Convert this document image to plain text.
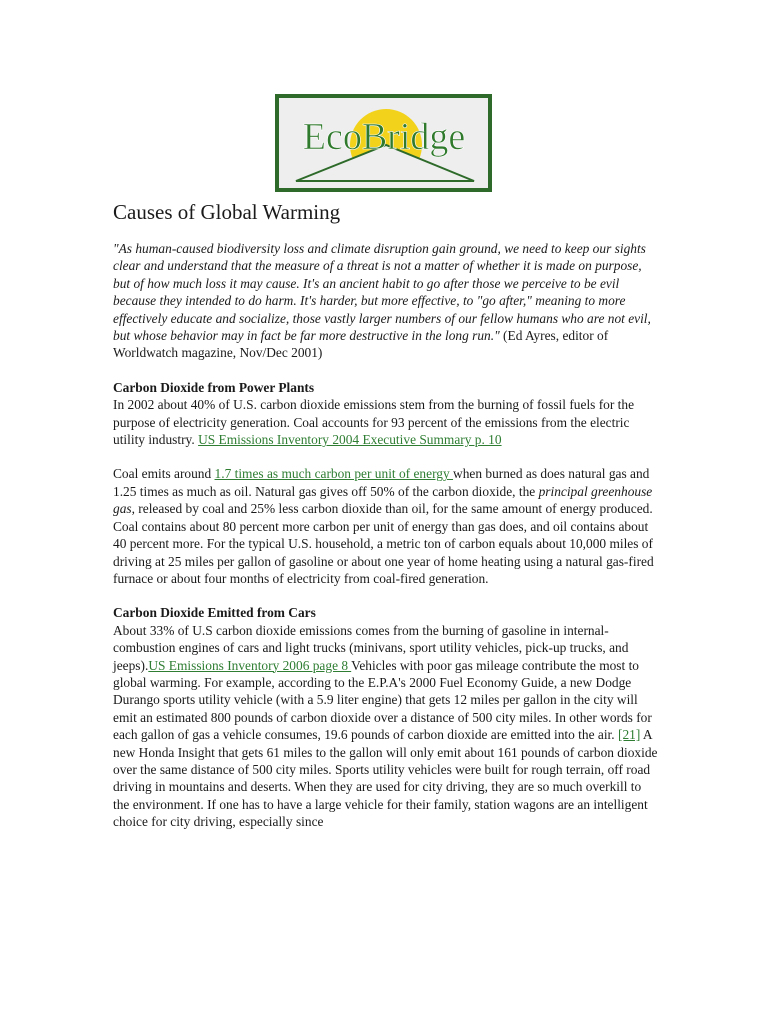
EcoBridge
Causes of Global Warming

"As human-caused biodiversity loss and climate disruption gain ground, we need to keep our sights clear and understand that the measure of a threat is not a matter of whether it is made on purpose, but of how much loss it may cause. It's an ancient habit to go after those we perceive to be evil because they intended to do harm. It's harder, but more effective, to "go after," meaning to more effectively educate and socialize, those vastly larger numbers of our fellow humans who are not evil, but whose behavior may in fact be far more destructive in the long run." (Ed Ayres, editor of Worldwatch magazine, Nov/Dec 2001)

Carbon Dioxide from Power Plants
In 2002 about 40% of U.S. carbon dioxide emissions stem from the burning of fossil fuels for the purpose of electricity generation. Coal accounts for 93 percent of the emissions from the electric utility industry. US Emissions Inventory 2004 Executive Summary p. 10

Coal emits around 1.7 times as much carbon per unit of energy when burned as does natural gas and 1.25 times as much as oil. Natural gas gives off 50% of the carbon dioxide, the principal greenhouse gas, released by coal and 25% less carbon dioxide than oil, for the same amount of energy produced. Coal contains about 80 percent more carbon per unit of energy than gas does, and oil contains about 40 percent more. For the typical U.S. household, a metric ton of carbon equals about 10,000 miles of driving at 25 miles per gallon of gasoline or about one year of home heating using a natural gas-fired furnace or about four months of electricity from coal-fired generation.

Carbon Dioxide Emitted from Cars
About 33% of U.S carbon dioxide emissions comes from the burning of gasoline in internal-combustion engines of cars and light trucks (minivans, sport utility vehicles, pick-up trucks, and jeeps).US Emissions Inventory 2006 page 8 Vehicles with poor gas mileage contribute the most to global warming. For example, according to the E.P.A's 2000 Fuel Economy Guide, a new Dodge Durango sports utility vehicle (with a 5.9 liter engine) that gets 12 miles per gallon in the city will emit an estimated 800 pounds of carbon dioxide over a distance of 500 city miles. In other words for each gallon of gas a vehicle consumes, 19.6 pounds of carbon dioxide are emitted into the air. [21] A new Honda Insight that gets 61 miles to the gallon will only emit about 161 pounds of carbon dioxide over the same distance of 500 city miles. Sports utility vehicles were built for rough terrain, off road driving in mountains and deserts. When they are used for city driving, they are so much overkill to the environment. If one has to have a large vehicle for their family, station wagons are an intelligent choice for city driving, especially since
